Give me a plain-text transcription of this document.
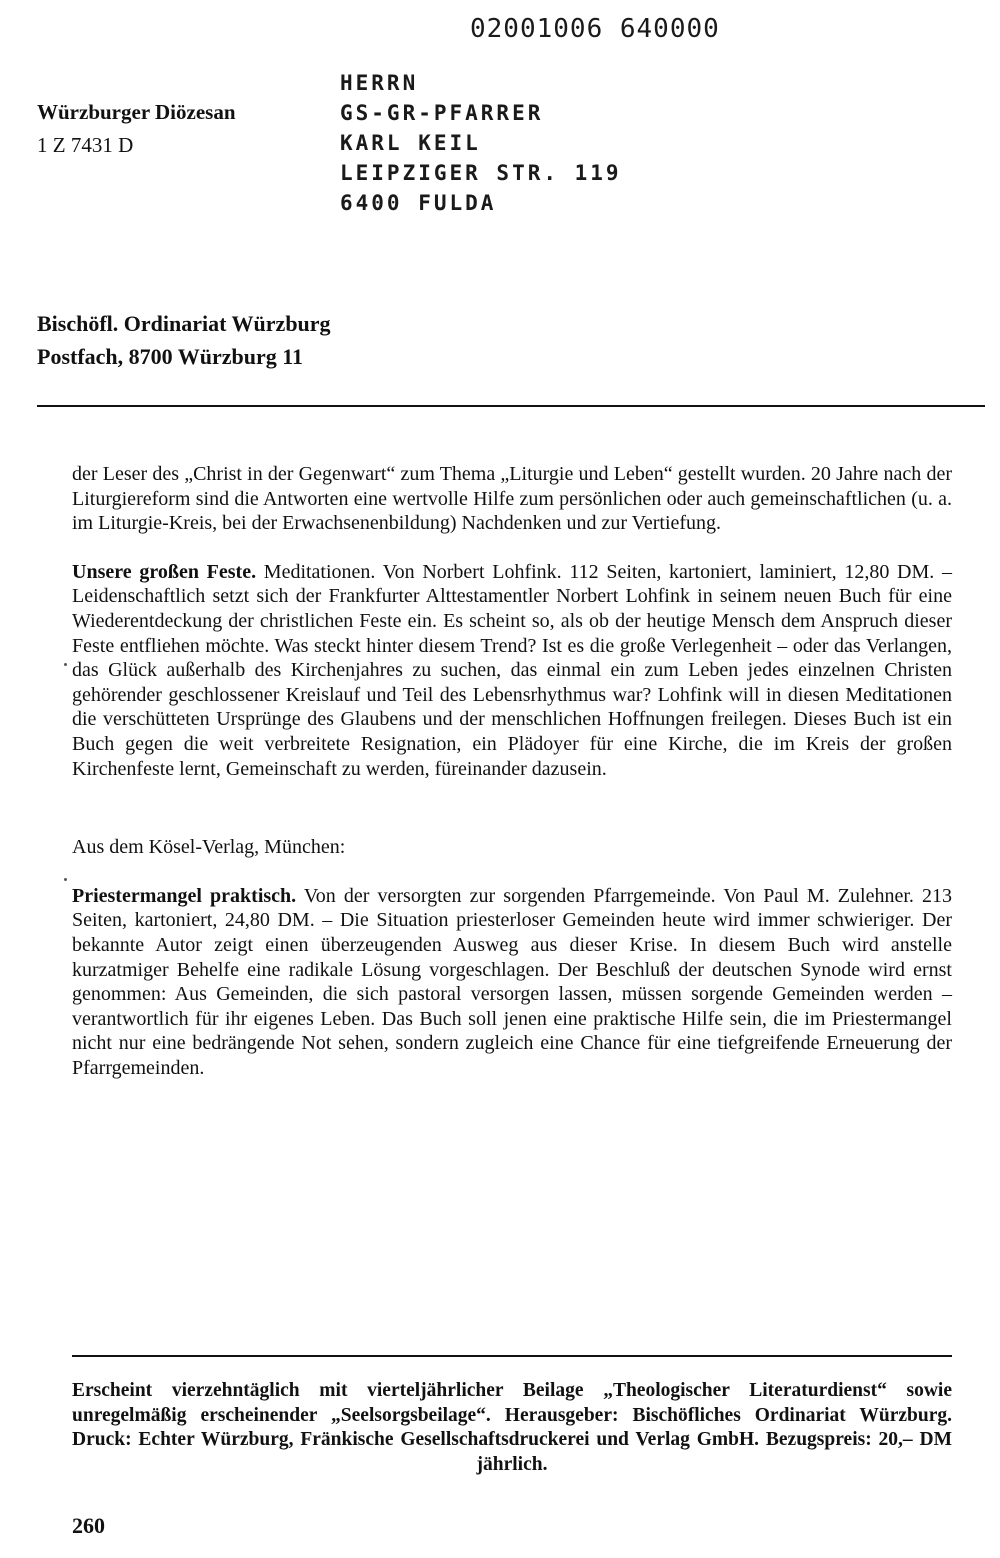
02001006 640000
Würzburger Diözesan
1 Z 7431 D
HERRN
GS-GR-PFARRER
KARL KEIL
LEIPZIGER STR. 119
6400 FULDA
Bischöfl. Ordinariat Würzburg
Postfach, 8700 Würzburg 11

der Leser des „Christ in der Gegenwart“ zum Thema „Liturgie und Leben“ gestellt wurden. 20 Jahre nach der Liturgiereform sind die Antworten eine wertvolle Hilfe zum persönlichen oder auch gemeinschaftlichen (u. a. im Liturgie-Kreis, bei der Erwachsenenbildung) Nachdenken und zur Vertiefung.

Unsere großen Feste. Meditationen. Von Norbert Lohfink. 112 Seiten, kartoniert, laminiert, 12,80 DM. – Leidenschaftlich setzt sich der Frankfurter Alttestamentler Norbert Lohfink in seinem neuen Buch für eine Wiederentdeckung der christlichen Feste ein. Es scheint so, als ob der heutige Mensch dem Anspruch dieser Feste entfliehen möchte. Was steckt hinter diesem Trend? Ist es die große Verlegenheit – oder das Verlangen, das Glück außerhalb des Kirchenjahres zu suchen, das einmal ein zum Leben jedes einzelnen Christen gehörender geschlossener Kreislauf und Teil des Lebensrhythmus war? Lohfink will in diesen Meditationen die verschütteten Ursprünge des Glaubens und der menschlichen Hoffnungen freilegen. Dieses Buch ist ein Buch gegen die weit verbreitete Resignation, ein Plädoyer für eine Kirche, die im Kreis der großen Kirchenfeste lernt, Gemeinschaft zu werden, füreinander dazusein.

Aus dem Kösel-Verlag, München:

Priestermangel praktisch. Von der versorgten zur sorgenden Pfarrgemeinde. Von Paul M. Zulehner. 213 Seiten, kartoniert, 24,80 DM. – Die Situation priesterloser Gemeinden heute wird immer schwieriger. Der bekannte Autor zeigt einen überzeugenden Ausweg aus dieser Krise. In diesem Buch wird anstelle kurzatmiger Behelfe eine radikale Lösung vorgeschlagen. Der Beschluß der deutschen Synode wird ernst genommen: Aus Gemeinden, die sich pastoral versorgen lassen, müssen sorgende Gemeinden werden – verantwortlich für ihr eigenes Leben. Das Buch soll jenen eine praktische Hilfe sein, die im Priestermangel nicht nur eine bedrängende Not sehen, sondern zugleich eine Chance für eine tiefgreifende Erneuerung der Pfarrgemeinden.

Erscheint vierzehntäglich mit vierteljährlicher Beilage „Theologischer Literaturdienst“ sowie unregelmäßig erscheinender „Seelsorgsbeilage“. Herausgeber: Bischöfliches Ordinariat Würzburg. Druck: Echter Würzburg, Fränkische Gesellschaftsdruckerei und Verlag GmbH. Bezugspreis: 20,– DM jährlich.
260
